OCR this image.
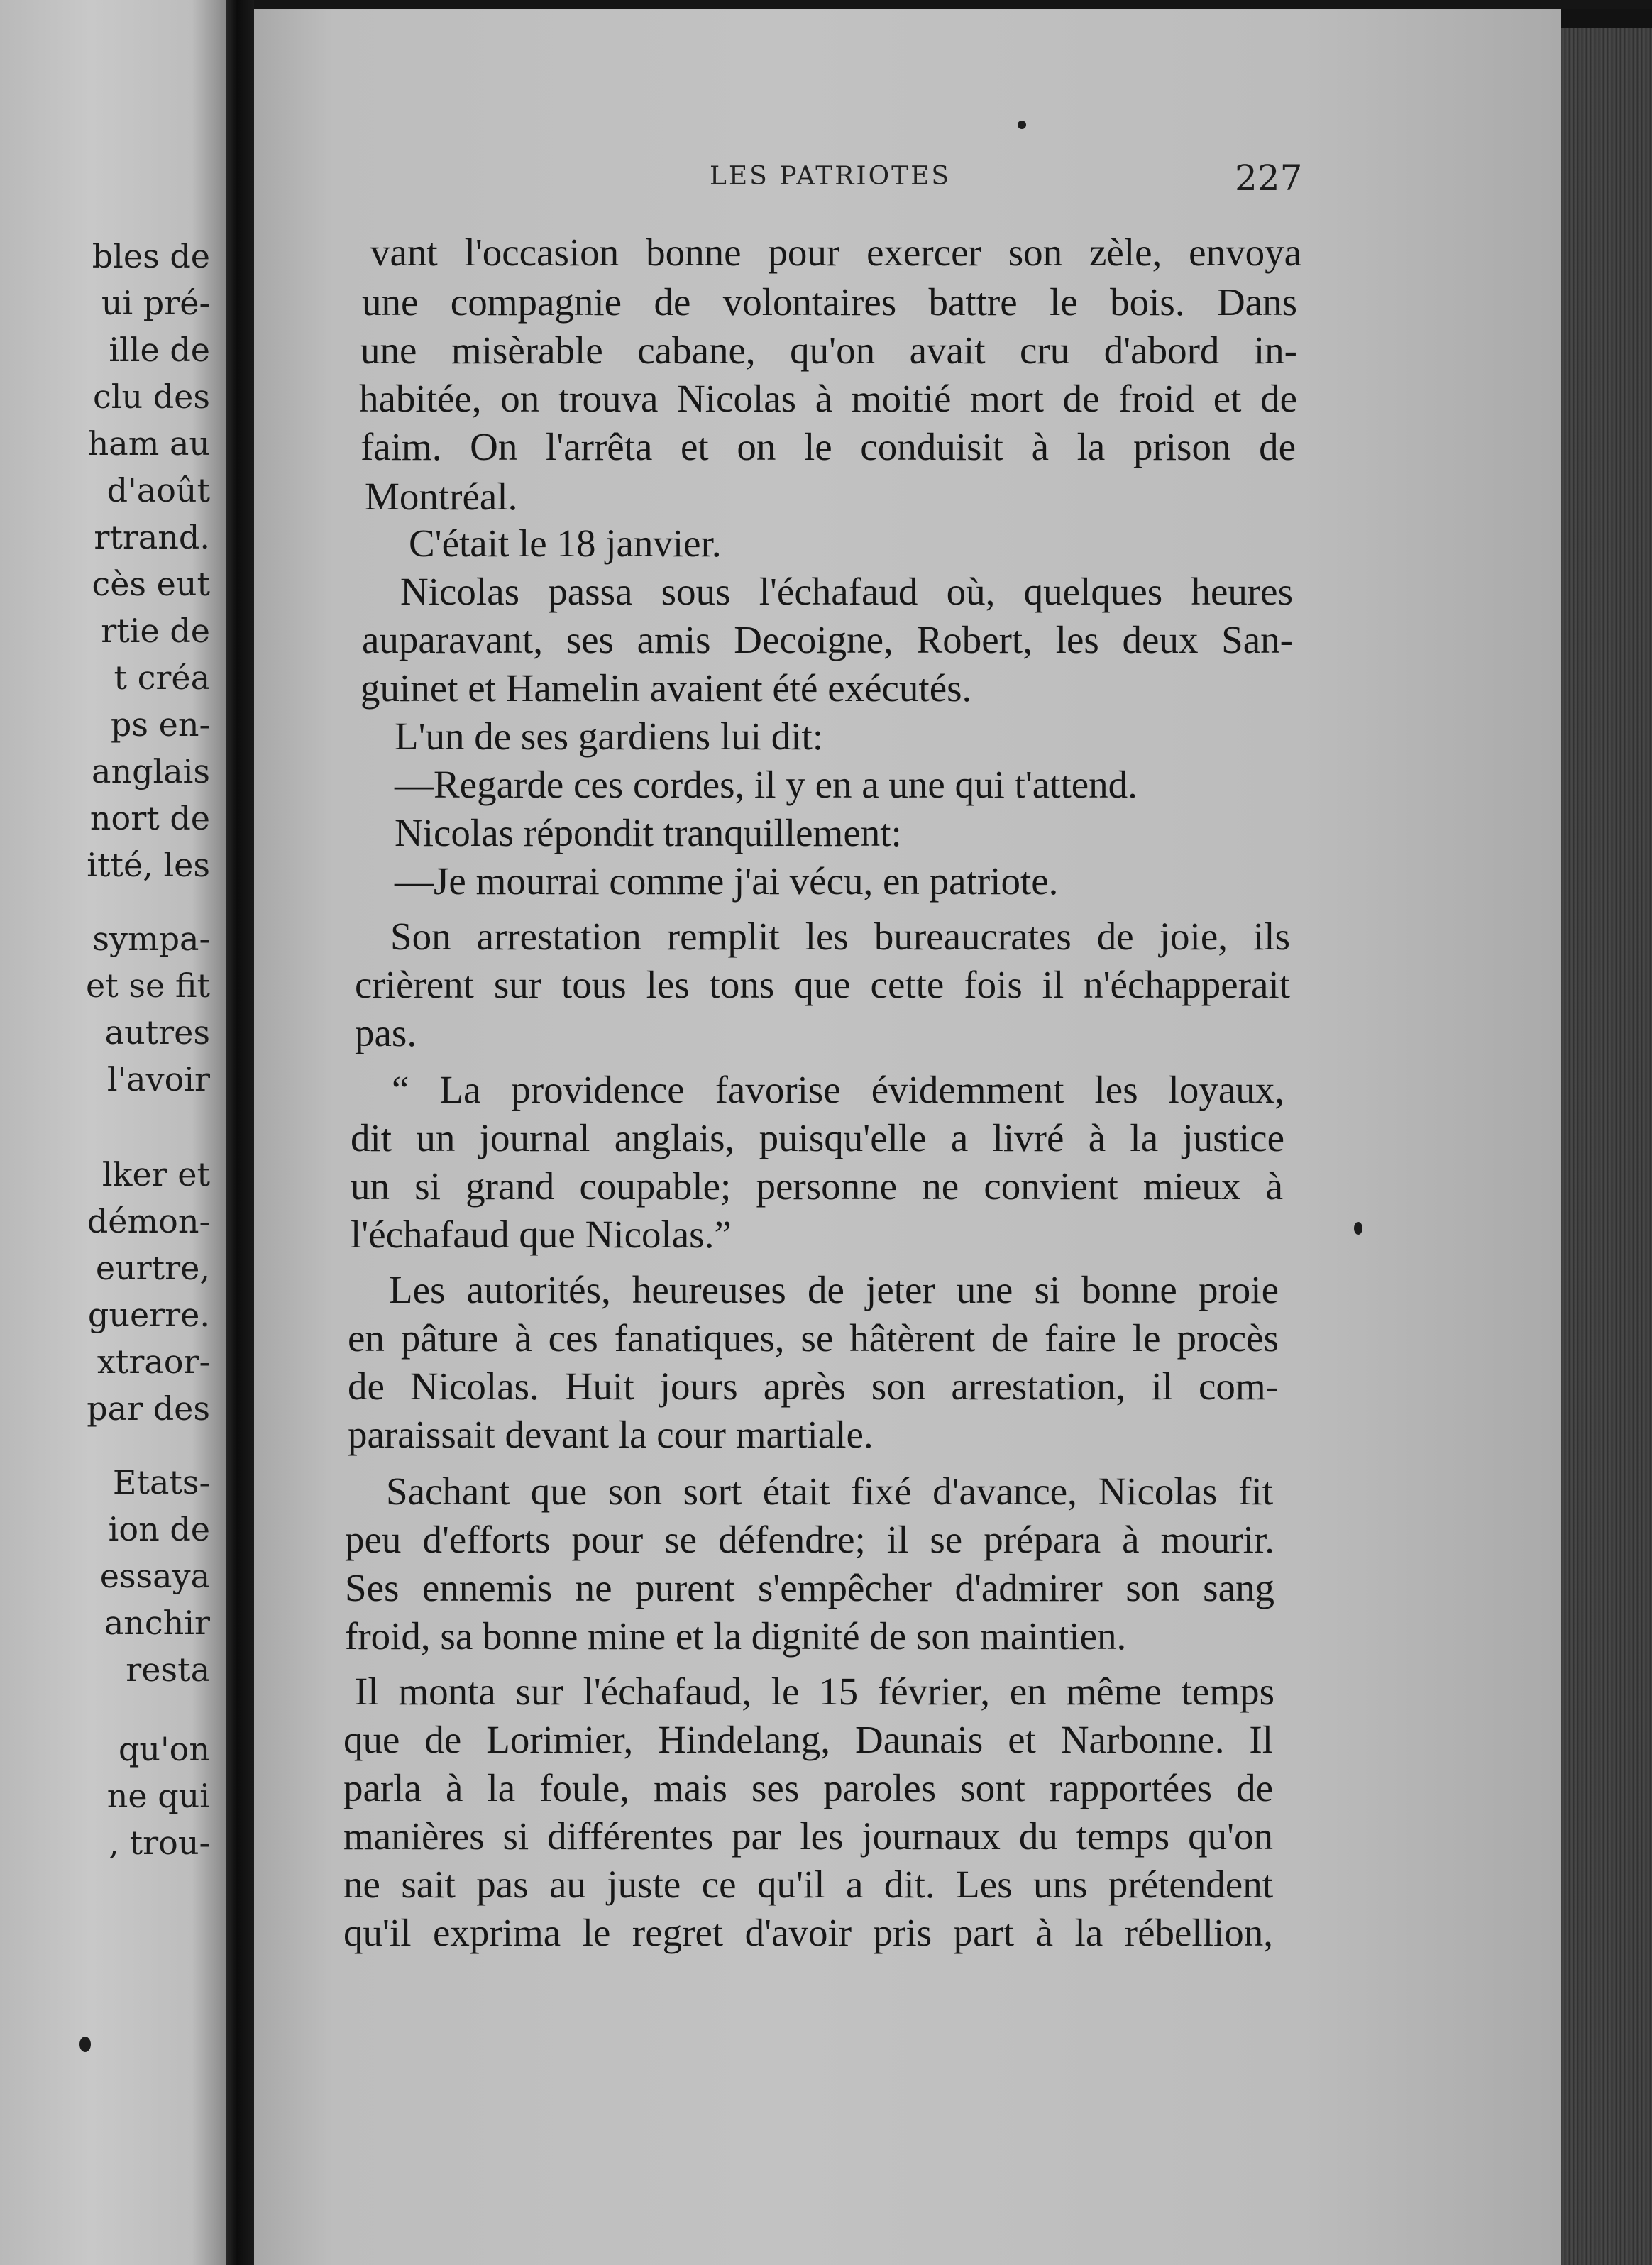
bles de
ui pré-
ille de
clu des
ham au
d'août
rtrand.
cès eut
rtie de
t créa
ps en-
anglais
nort de
itté, les
sympa-
et se fit
autres
l'avoir
lker et
démon-
eurtre,
guerre.
xtraor-
par des
Etats-
ion de
essaya
anchir
resta
qu'on
ne qui
, trou-
LES PATRIOTES	227
vant l'occasion bonne pour exercer son zèle, envoya
une compagnie de volontaires battre le bois. Dans
une misèrable cabane, qu'on avait cru d'abord in-
habitée, on trouva Nicolas à moitié mort de froid et de
faim. On l'arrêta et on le conduisit à la prison de
Montréal.
C'était le 18 janvier.
Nicolas passa sous l'échafaud où, quelques heures
auparavant, ses amis Decoigne, Robert, les deux San-
guinet et Hamelin avaient été exécutés.
L'un de ses gardiens lui dit:
—Regarde ces cordes, il y en a une qui t'attend.
Nicolas répondit tranquillement:
—Je mourrai comme j'ai vécu, en patriote.
Son arrestation remplit les bureaucrates de joie, ils
crièrent sur tous les tons que cette fois il n'échapperait
pas.
“ La providence favorise évidemment les loyaux,
dit un journal anglais, puisqu'elle a livré à la justice
un si grand coupable; personne ne convient mieux à
l'échafaud que Nicolas.”
Les autorités, heureuses de jeter une si bonne proie
en pâture à ces fanatiques, se hâtèrent de faire le procès
de Nicolas. Huit jours après son arrestation, il com-
paraissait devant la cour martiale.
Sachant que son sort était fixé d'avance, Nicolas fit
peu d'efforts pour se défendre; il se prépara à mourir.
Ses ennemis ne purent s'empêcher d'admirer son sang
froid, sa bonne mine et la dignité de son maintien.
Il monta sur l'échafaud, le 15 février, en même temps
que de Lorimier, Hindelang, Daunais et Narbonne. Il
parla à la foule, mais ses paroles sont rapportées de
manières si différentes par les journaux du temps qu'on
ne sait pas au juste ce qu'il a dit. Les uns prétendent
qu'il exprima le regret d'avoir pris part à la rébellion,
